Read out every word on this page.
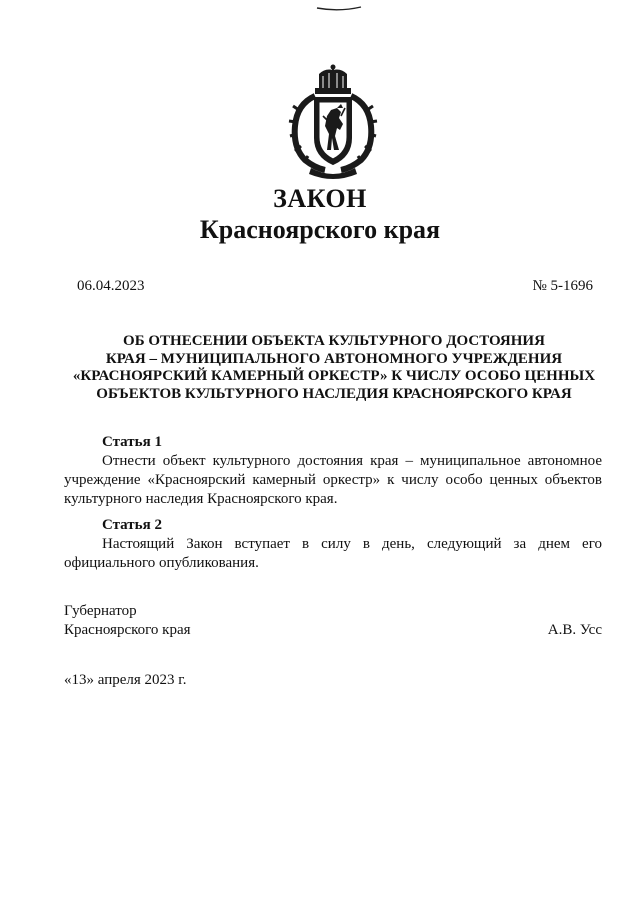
ЗАКОН
Красноярского края
06.04.2023	№ 5-1696
ОБ ОТНЕСЕНИИ ОБЪЕКТА КУЛЬТУРНОГО ДОСТОЯНИЯ
КРАЯ – МУНИЦИПАЛЬНОГО АВТОНОМНОГО УЧРЕЖДЕНИЯ
«КРАСНОЯРСКИЙ КАМЕРНЫЙ ОРКЕСТР» К ЧИСЛУ ОСОБО ЦЕННЫХ
ОБЪЕКТОВ КУЛЬТУРНОГО НАСЛЕДИЯ КРАСНОЯРСКОГО КРАЯ
Статья 1
Отнести объект культурного достояния края – муниципальное автономное учреждение «Красноярский камерный оркестр» к числу особо ценных объектов культурного наследия Красноярского края.
Статья 2
Настоящий Закон вступает в силу в день, следующий за днем его официального опубликования.
Губернатор
Красноярского края	А.В. Усс
«13» апреля 2023 г.
